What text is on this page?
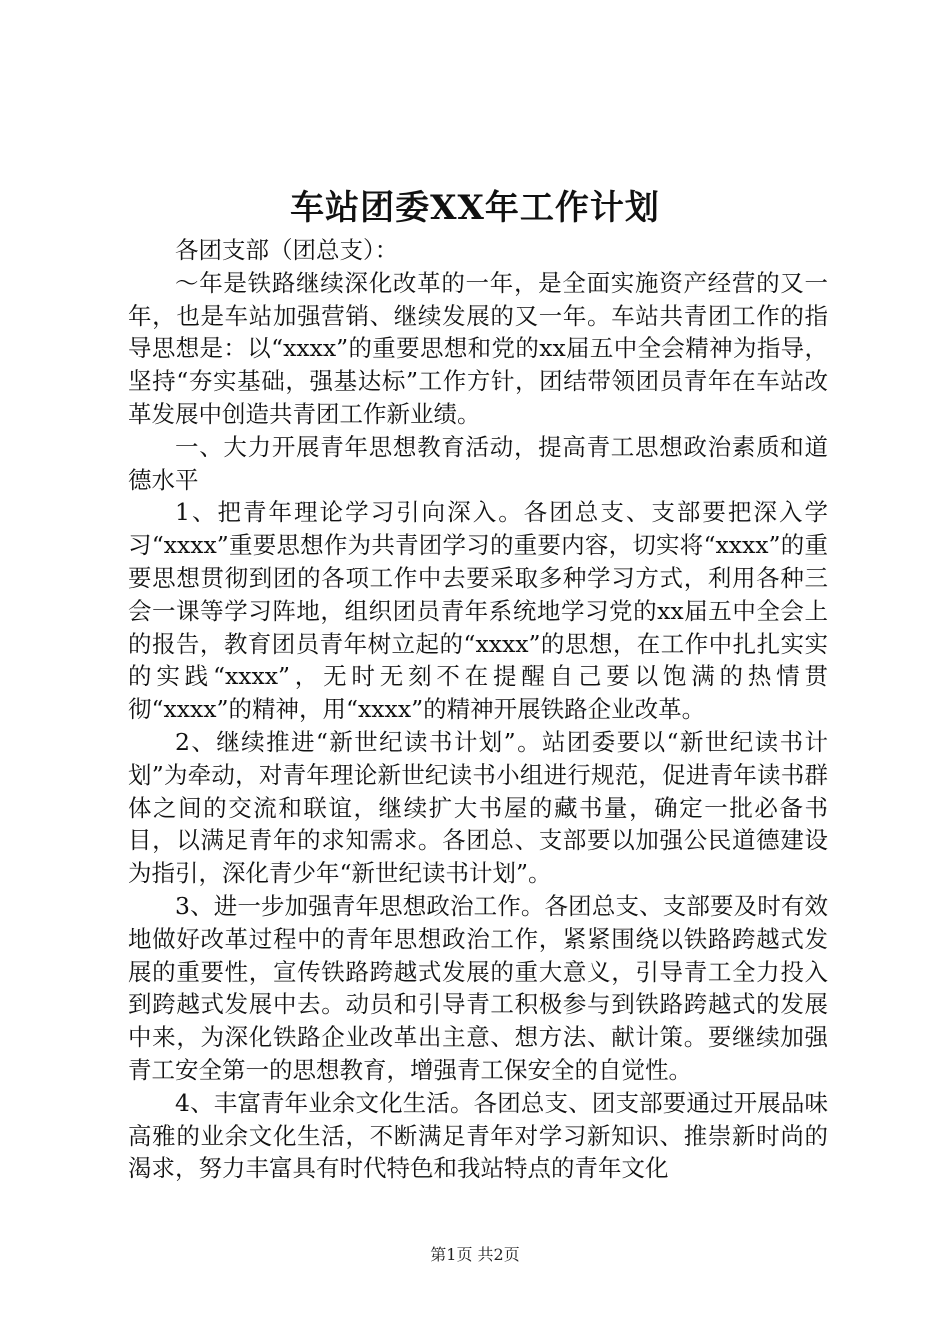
车站团委XX年工作计划

各团支部（团总支）：

～年是铁路继续深化改革的一年，是全面实施资产经营的又一年，也是车站加强营销、继续发展的又一年。车站共青团工作的指导思想是：以“xxxx”的重要思想和党的xx届五中全会精神为指导，坚持“夯实基础，强基达标”工作方针，团结带领团员青年在车站改革发展中创造共青团工作新业绩。

一、大力开展青年思想教育活动，提高青工思想政治素质和道德水平

1、把青年理论学习引向深入。各团总支、支部要把深入学习“xxxx”重要思想作为共青团学习的重要内容，切实将“xxxx”的重要思想贯彻到团的各项工作中去要采取多种学习方式，利用各种三会一课等学习阵地，组织团员青年系统地学习党的xx届五中全会上的报告，教育团员青年树立起的“xxxx”的思想，在工作中扎扎实实的实践“xxxx”，无时无刻不在提醒自己要以饱满的热情贯彻“xxxx”的精神，用“xxxx”的精神开展铁路企业改革。

2、继续推进“新世纪读书计划”。站团委要以“新世纪读书计划”为牵动，对青年理论新世纪读书小组进行规范，促进青年读书群体之间的交流和联谊，继续扩大书屋的藏书量，确定一批必备书目，以满足青年的求知需求。各团总、支部要以加强公民道德建设为指引，深化青少年“新世纪读书计划”。

3、进一步加强青年思想政治工作。各团总支、支部要及时有效地做好改革过程中的青年思想政治工作，紧紧围绕以铁路跨越式发展的重要性，宣传铁路跨越式发展的重大意义，引导青工全力投入到跨越式发展中去。动员和引导青工积极参与到铁路跨越式的发展中来，为深化铁路企业改革出主意、想方法、献计策。要继续加强青工安全第一的思想教育，增强青工保安全的自觉性。

4、丰富青年业余文化生活。各团总支、团支部要通过开展品味高雅的业余文化生活，不断满足青年对学习新知识、推崇新时尚的渴求，努力丰富具有时代特色和我站特点的青年文化

第1页 共2页
